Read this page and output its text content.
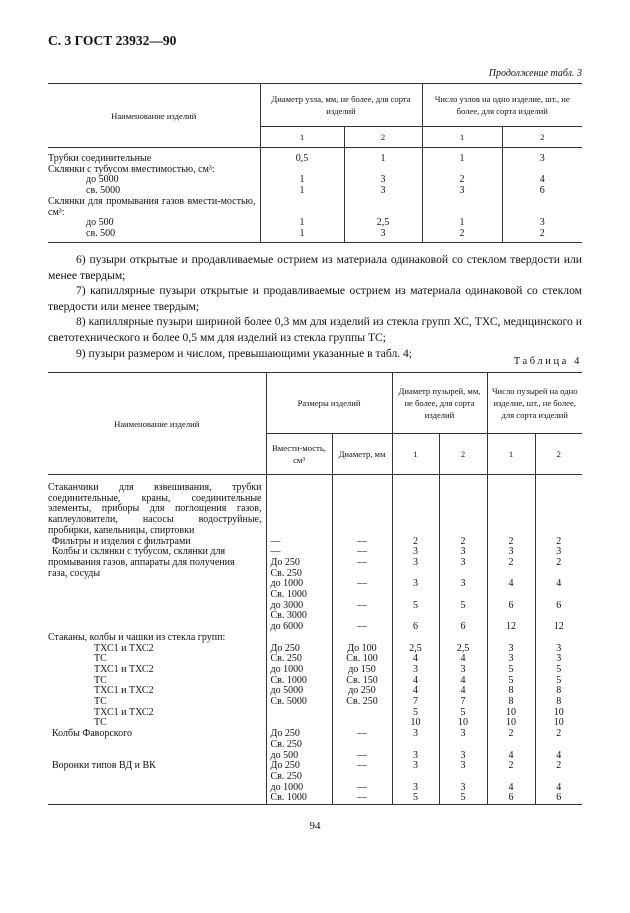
С. 3 ГОСТ 23932—90
Продолжение табл. 3
Наименование изделий	Диаметр узла, мм, не более, для сорта изделий		Число узлов на одно изделие, шт., не более, для сорта изделий	
	1	2	1	2
Трубки соединительные	0,5	1	1	3
Склянки с тубусом вместимостью, см³:				
до 5000	1	3	2	4
св. 5000	1	3	3	6
Склянки для промывания газов вмести-мостью, см³:				
до 500	1	2,5	1	3
св. 500	1	3	2	2

6) пузыри открытые и продавливаемые острием из материала одинаковой со стеклом твердости или менее твердым;

7) капиллярные пузыри открытые и продавливаемые острием из материала одинаковой со стеклом твердости или менее твердым;

8) капиллярные пузыри шириной более 0,3 мм для изделий из стекла групп ХС, ТХС, медицинского и светотехнического и более 0,5 мм для изделий из стекла группы ТС;

9) пузыри размером и числом, превышающими указанные в табл. 4;

Таблица 4
Наименование изделий	Размеры изделий		Диаметр пузырей, мм, не более, для сорта изделий		Число пузырей на одно изделие, шт., не более, для сорта изделий	
	Вмести-мость, см³	Диаметр, мм	1	2	1	2
Стаканчики для взвешивания, трубки соединительные, краны, соединительные элементы, приборы для поглощения газов, каплеуловители, насосы водоструйные, пробирки, капельницы, спиртовки						
Фильтры и изделия с фильтрами	—	—	2	2	2	2
Колбы и склянки с тубусом, склянки для	—	—	3	3	3	3
промывания газов, аппараты для получения	До 250	—	3	3	2	2
газа, сосуды	Св. 250					
	до 1000	—	3	3	4	4
	Св. 1000					
	до 3000	—	5	5	6	6
	Св. 3000					
	до 6000	—	6	6	12	12

Стаканы, колбы и чашки из стекла групп:						
ТХС1 и ТХС2	До 250	До 100	2,5	2,5	3	3
ТС	Св. 250	Св. 100	4	4	3	3
ТХС1 и ТХС2	до 1000	до 150	3	3	5	5
ТС	Св. 1000	Св. 150	4	4	5	5
ТХС1 и ТХС2	до 5000	до 250	4	4	8	8
ТС	Св. 5000	Св. 250	7	7	8	8
ТХС1 и ТХС2			5	5	10	10
ТС			10	10	10	10
Колбы Фаворского	До 250	—	3	3	2	2
	Св. 250					
	до 500	—	3	3	4	4
Воронки типов ВД и ВК	До 250	—	3	3	2	2
	Св. 250					
	до 1000	—	3	3	4	4
	Св. 1000	—	5	5	6	6
94
